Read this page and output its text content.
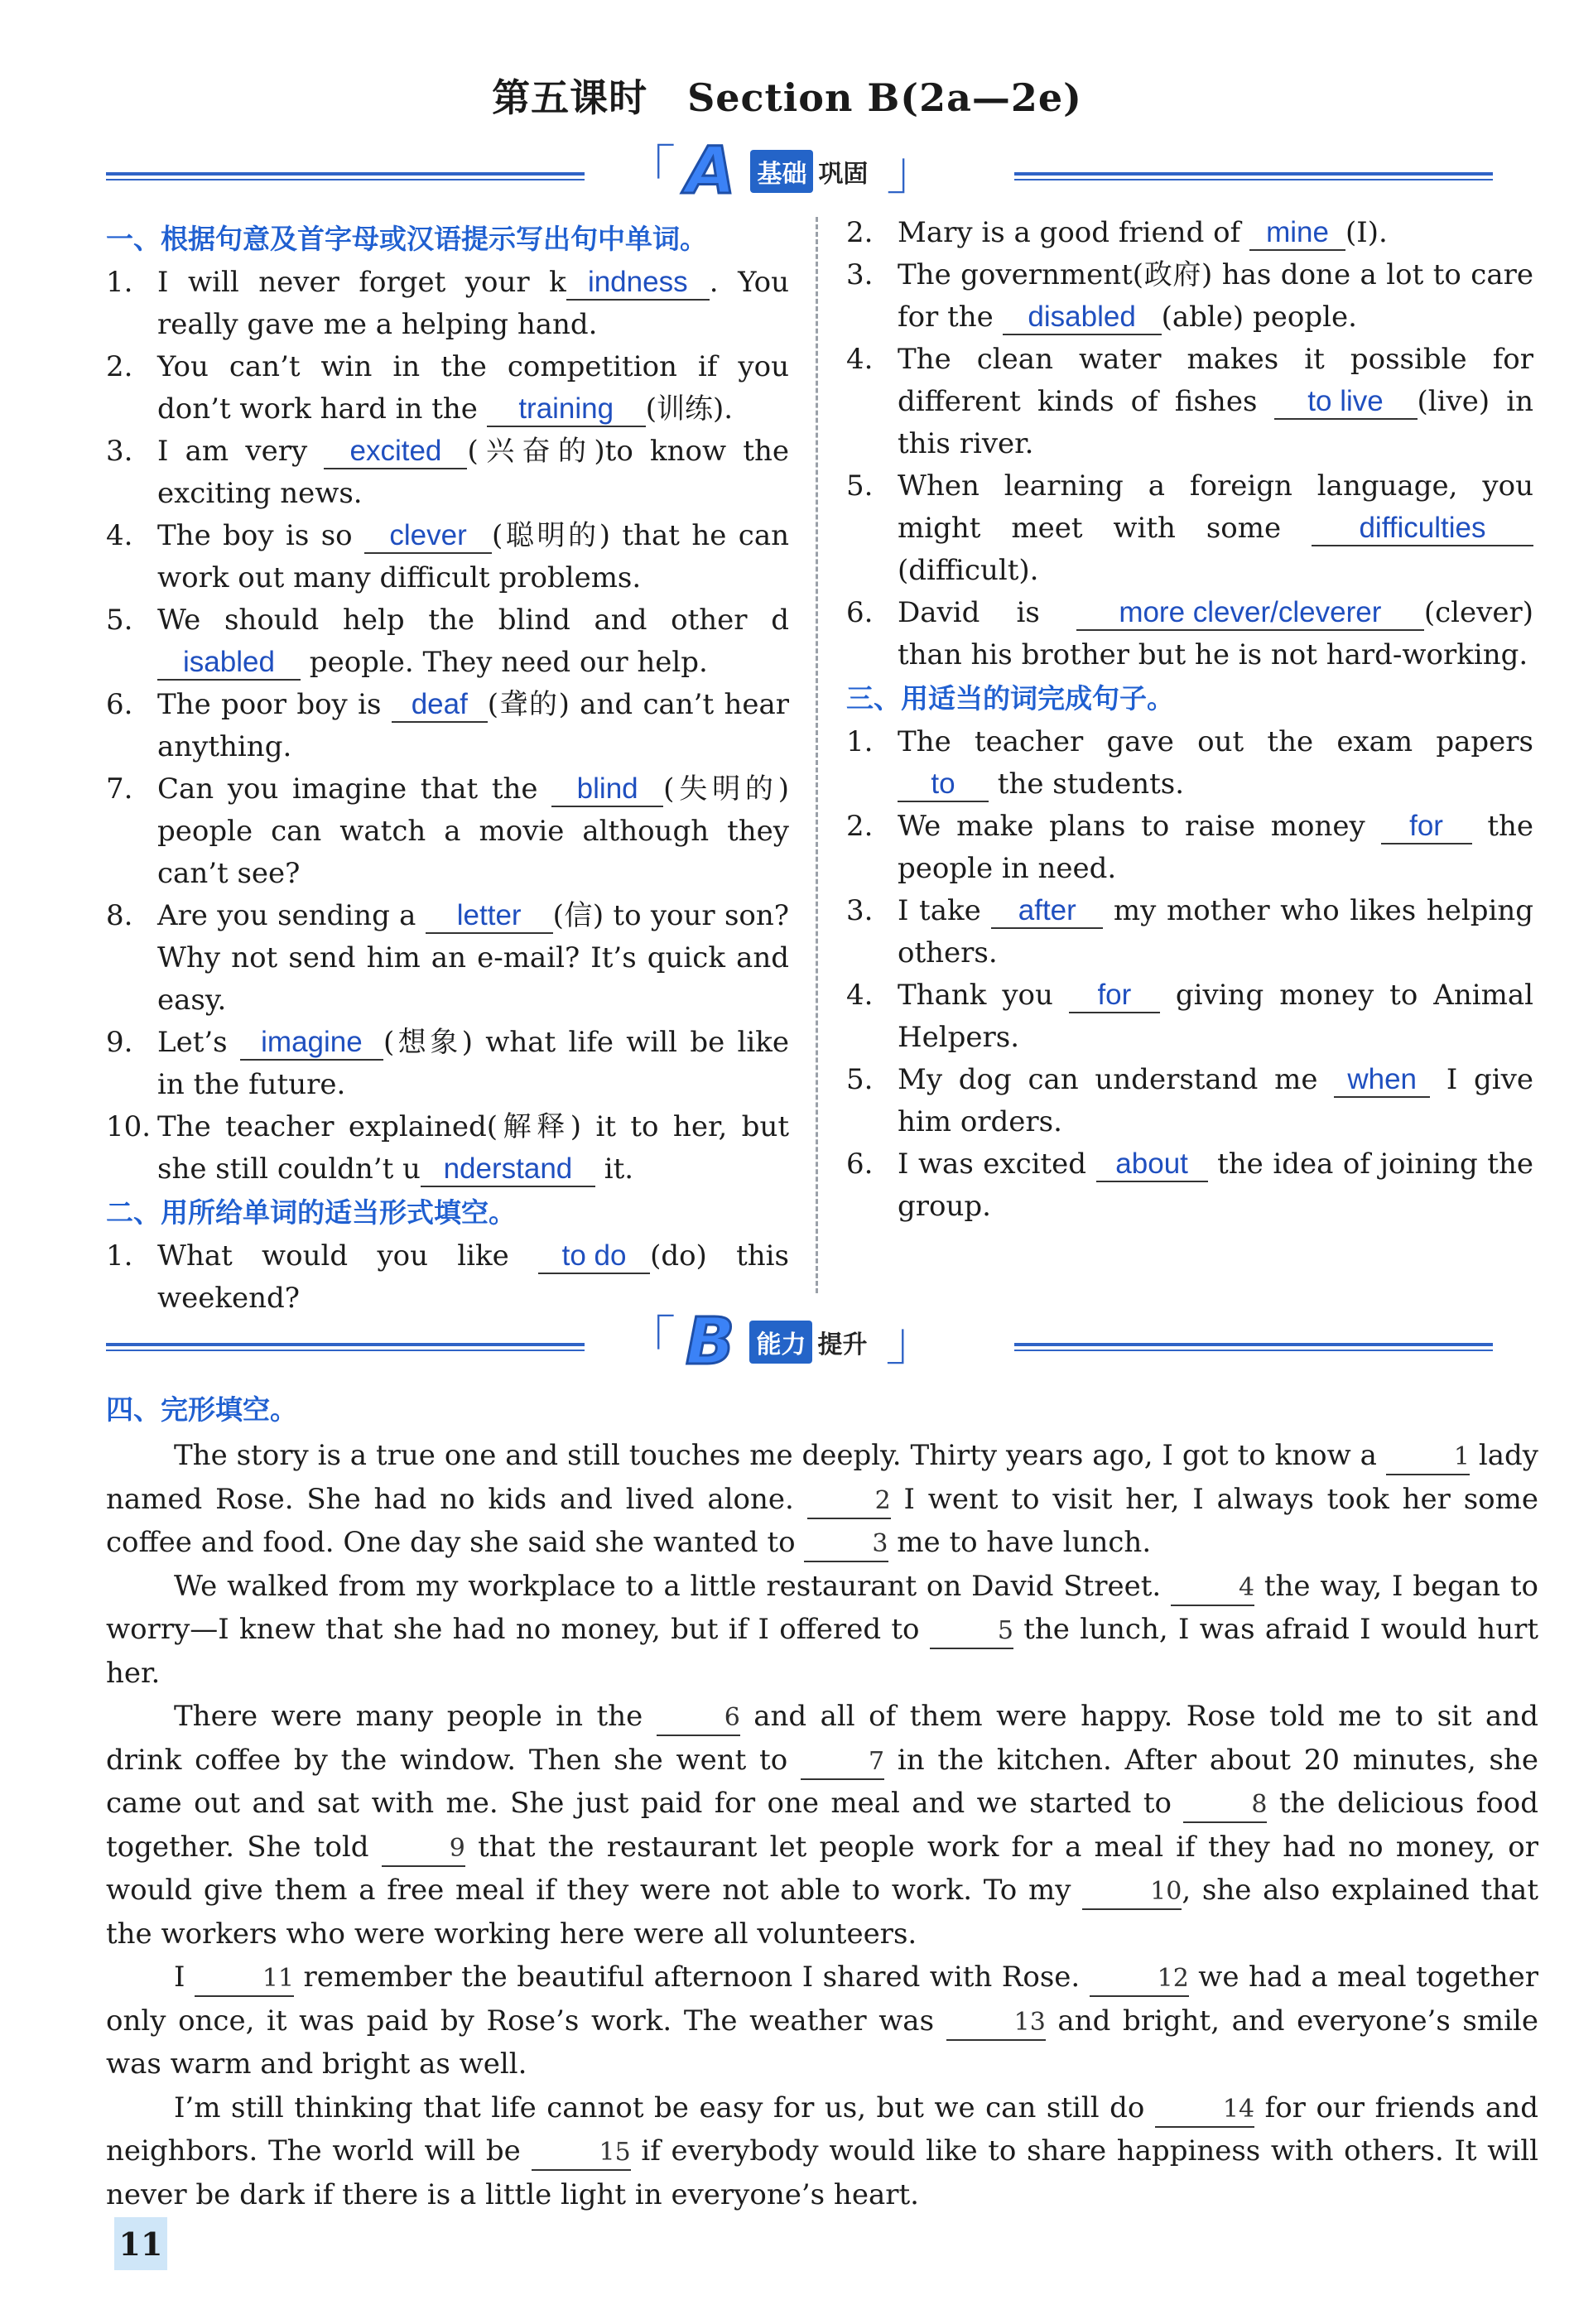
第五课时 Section B(2a—2e)
「 A 基础 巩固 」

一、根据句意及首字母或汉语提示写出句中单词。

1. I will never forget your k indness . You really gave me a helping hand.
2. You can’t win in the competition if you don’t work hard in the training (训练).
3. I am very excited (兴奋的)to know the exciting news.
4. The boy is so clever (聪明的) that he can work out many difficult problems.
5. We should help the blind and other disabled people. They need our help.
6. The poor boy is deaf (聋的) and can’t hear anything.
7. Can you imagine that the blind (失明的) people can watch a movie although they can’t see?
8. Are you sending a letter (信) to your son? Why not send him an e-mail? It’s quick and easy.
9. Let’s imagine (想象) what life will be like in the future.
10. The teacher explained(解释) it to her, but she still couldn’t u nderstand it.

二、用所给单词的适当形式填空。

1. What would you like to do (do) this weekend?
2. Mary is a good friend of mine (I).
3. The government(政府) has done a lot to care for the disabled (able) people.
4. The clean water makes it possible for different kinds of fishes to live (live) in this river.
5. When learning a foreign language, you might meet with some difficulties(difficult).
6. David is more clever/cleverer (clever) than his brother but he is not hard-working.

三、用适当的词完成句子。

1. The teacher gave out the exam papers to the students.
2. We make plans to raise money for the people in need.
3. I take after my mother who likes helping others.
4. Thank you for giving money to Animal Helpers.
5. My dog can understand me when I give him orders.
6. I was excited about the idea of joining the group.
「 B 能力 提升 」
四、完形填空。

The story is a true one and still touches me deeply. Thirty years ago, I got to know a	1 lady named Rose. She had no kids and lived alone.	2 I went to visit her, I always took her some coffee and food. One day she said she wanted to	3 me to have lunch.

We walked from my workplace to a little restaurant on David Street.	4 the way, I began to worry—I knew that she had no money, but if I offered to	5 the lunch, I was afraid I would hurt her.

There were many people in the	6 and all of them were happy. Rose told me to sit and drink coffee by the window. Then she went to	7 in the kitchen. After about 20 minutes, she came out and sat with me. She just paid for one meal and we started to	8 the delicious food together. She told	9 that the restaurant let people work for a meal if they had no money, or would give them a free meal if they were not able to work. To my	10, she also explained that the workers who were working here were all volunteers.

I	11 remember the beautiful afternoon I shared with Rose.	12 we had a meal together only once, it was paid by Rose’s work. The weather was	13 and bright, and everyone’s smile was warm and bright as well.

I’m still thinking that life cannot be easy for us, but we can still do	14 for our friends and neighbors. The world will be	15 if everybody would like to share happiness with others. It will never be dark if there is a little light in everyone’s heart.

11
